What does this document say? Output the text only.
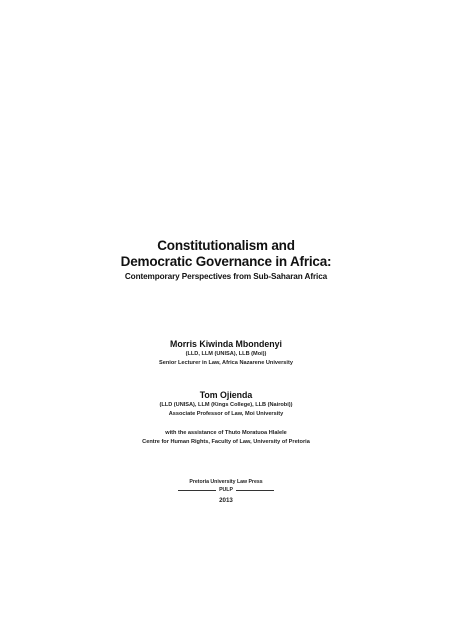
Constitutionalism and
Democratic Governance in Africa:
Contemporary Perspectives from Sub-Saharan Africa
Morris Kiwinda Mbondenyi
(LLD, LLM (UNISA), LLB (Moi))
Senior Lecturer in Law, Africa Nazarene University
Tom Ojienda
(LLD (UNISA), LLM (Kings College), LLB (Nairobi))
Associate Professor of Law, Moi University
with the assistance of Thuto Moratuoa Hlalele
Centre for Human Rights, Faculty of Law, University of Pretoria
Pretoria University Law Press
PULP
2013
